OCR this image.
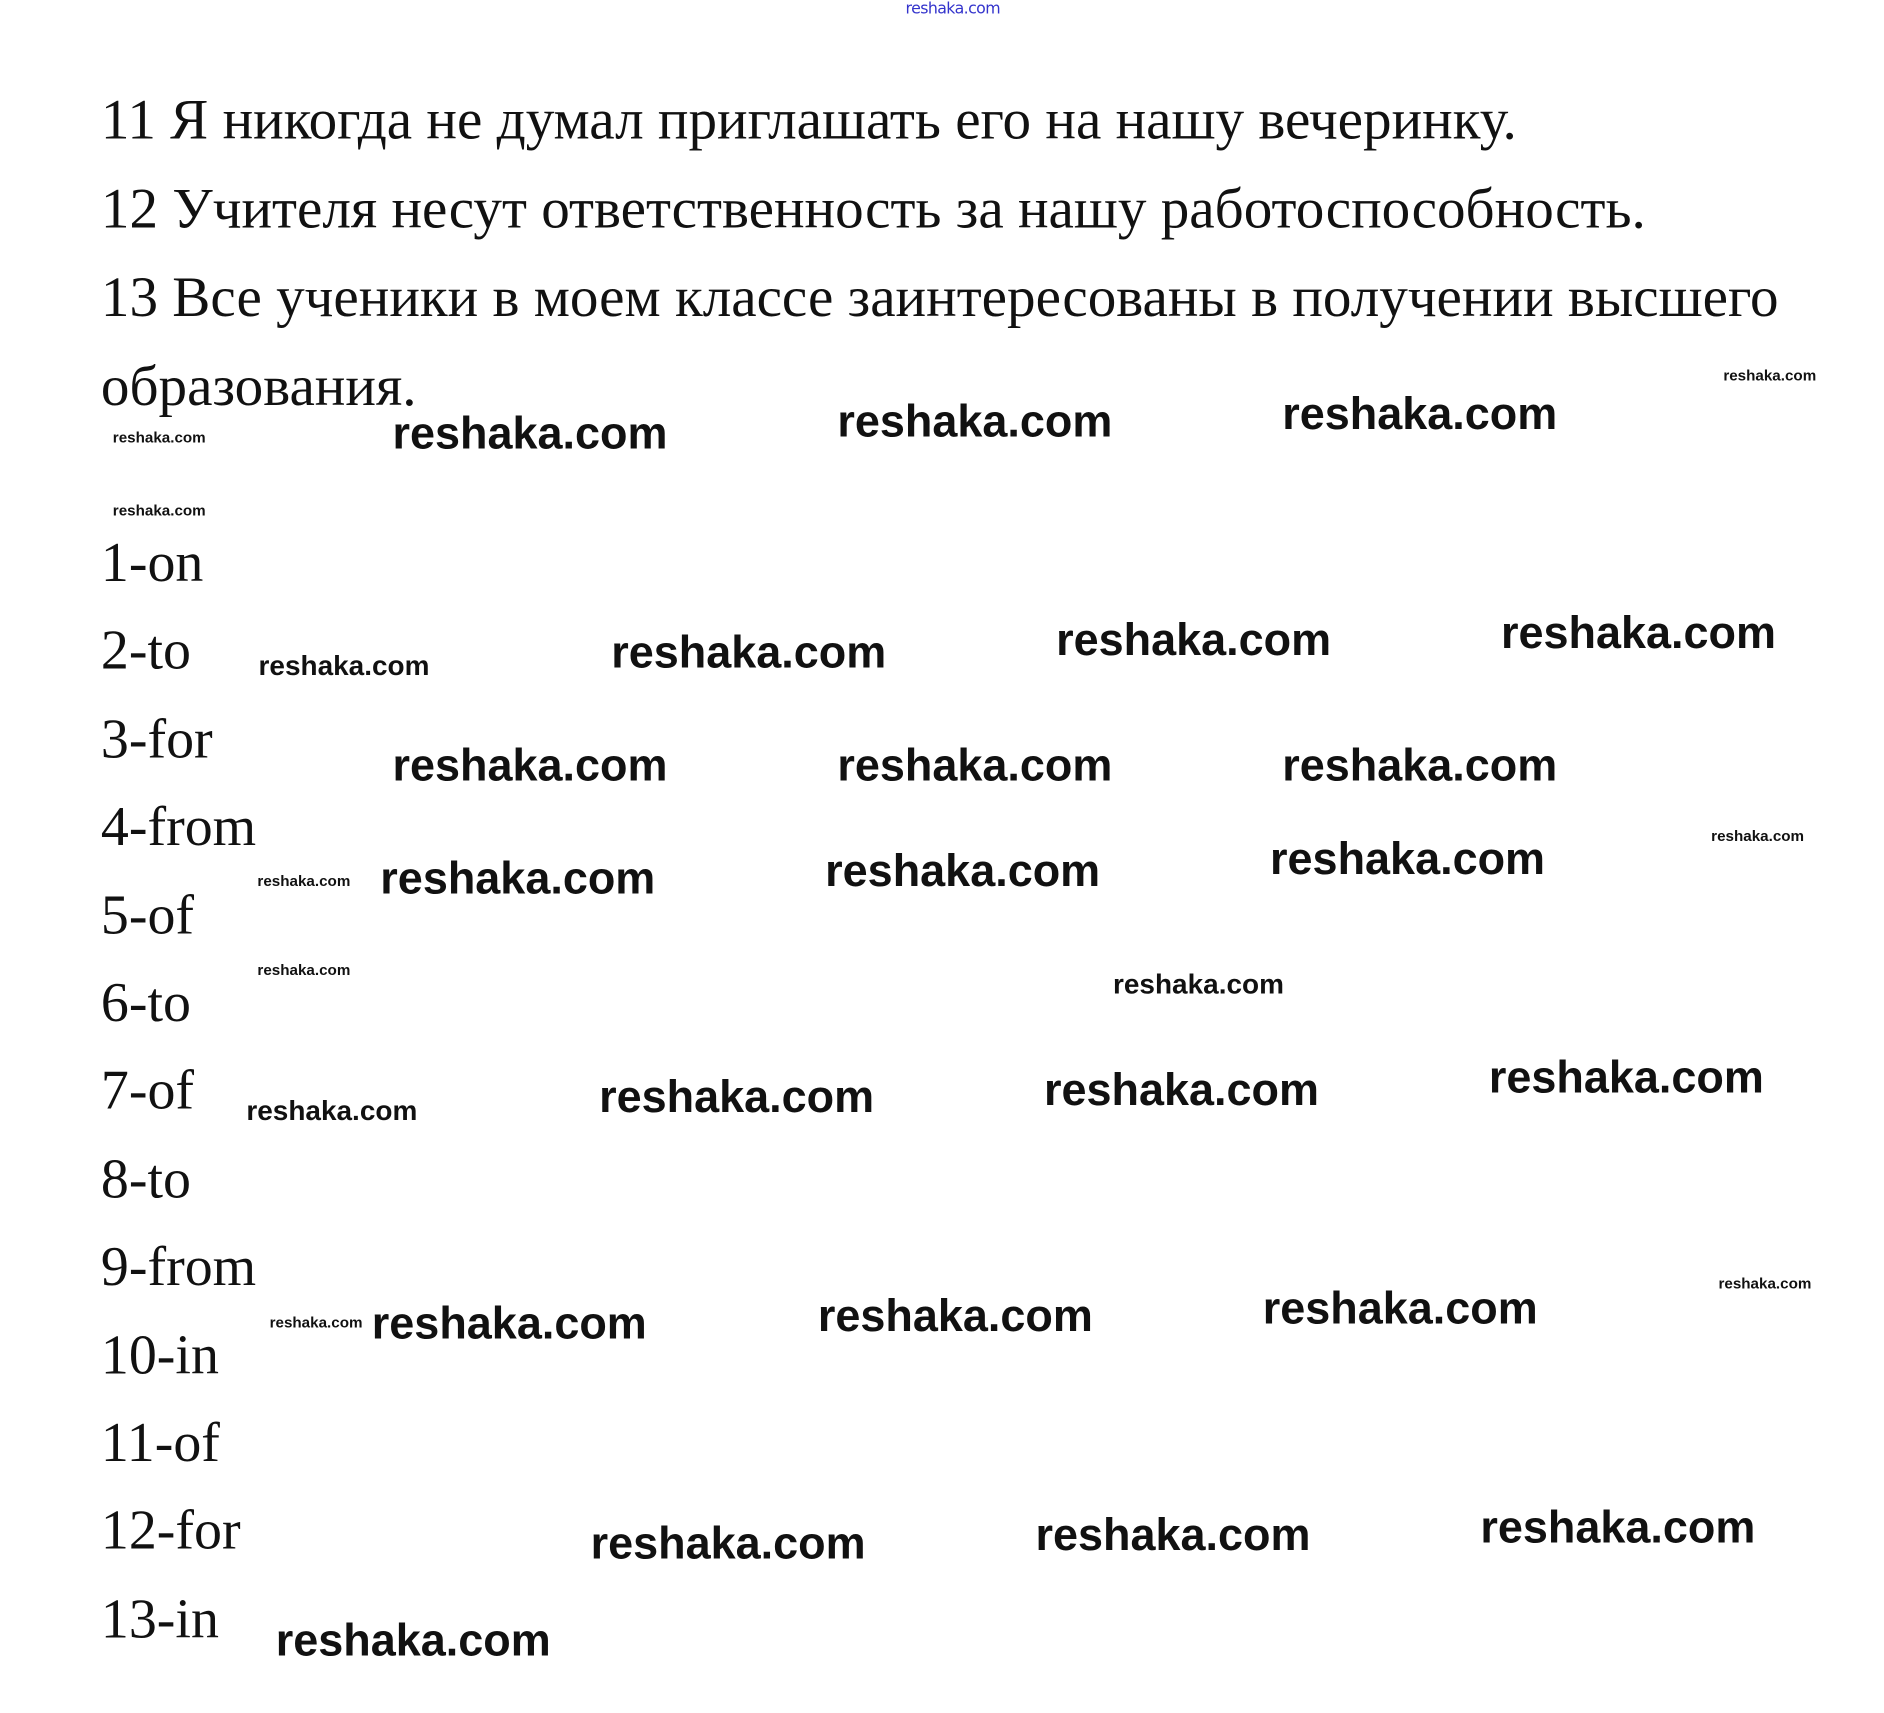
reshaka.com
11 Я никогда не думал приглашать его на нашу вечеринку.
12 Учителя несут ответственность за нашу работоспособность.
13 Все ученики в моем классе заинтересованы в получении высшего
образования.
1-on
2-to
3-for
4-from
5-of
6-to
7-of
8-to
9-from
10-in
11-of
12-for
13-in
reshaka.com	reshaka.com	reshaka.com
reshaka.com	reshaka.com	reshaka.com
reshaka.com	reshaka.com	reshaka.com
reshaka.com	reshaka.com	reshaka.com
reshaka.com	reshaka.com	reshaka.com
reshaka.com	reshaka.com	reshaka.com
reshaka.com	reshaka.com	reshaka.com
reshaka.com
reshaka.com
reshaka.com
reshaka.com
reshaka.com
reshaka.com
reshaka.com
reshaka.com
reshaka.com
reshaka.com
reshaka.com
reshaka.com
